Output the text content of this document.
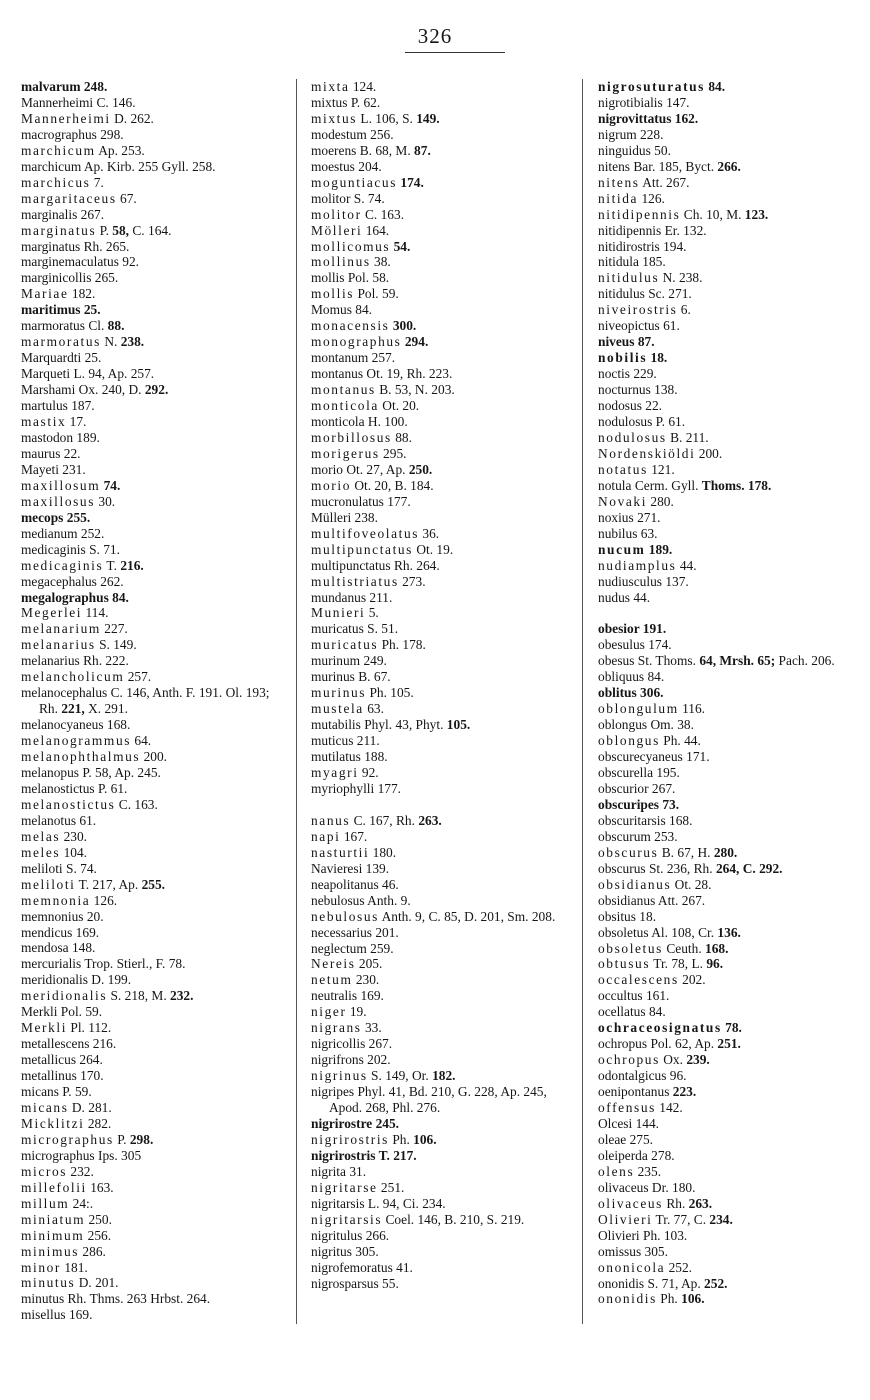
326
malvarum 248.
Mannerheimi C. 146.
Mannerheimi D. 262.
macrographus 298.
marchicum Ap. 253.
marchicum Ap. Kirb. 255 Gyll. 258.
marchicus 7.
margaritaceus 67.
marginalis 267.
marginatus P. 58, C. 164.
marginatus Rh. 265.
marginemaculatus 92.
marginicollis 265.
Mariae 182.
maritimus 25.
marmoratus Cl. 88.
marmoratus N. 238.
Marquardti 25.
Marqueti L. 94, Ap. 257.
Marshami Ox. 240, D. 292.
martulus 187.
mastix 17.
mastodon 189.
maurus 22.
Mayeti 231.
maxillosum 74.
maxillosus 30.
mecops 255.
medianum 252.
medicaginis S. 71.
medicaginis T. 216.
megacephalus 262.
megalographus 84.
Megerlei 114.
melanarium 227.
melanarius S. 149.
melanarius Rh. 222.
melancholicum 257.
melanocephalus C. 146, Anth. F. 191. Ol. 193; Rh. 221, X. 291.
melanocyaneus 168.
melanogrammus 64.
melanophthalmus 200.
melanopus P. 58, Ap. 245.
melanostictus P. 61.
melanostictus C. 163.
melanotus 61.
melas 230.
meles 104.
meliloti S. 74.
meliloti T. 217, Ap. 255.
memnonia 126.
memnonius 20.
mendicus 169.
mendosa 148.
mercurialis Trop. Stierl., F. 78.
meridionalis D. 199.
meridionalis S. 218, M. 232.
Merkli Pol. 59.
Merkli Pl. 112.
metallescens 216.
metallicus 264.
metallinus 170.
micans P. 59.
micans D. 281.
Micklitzi 282.
micrographus P. 298.
micrographus Ips. 305
micros 232.
millefolii 163.
millum 24:.
miniatum 250.
minimum 256.
minimus 286.
minor 181.
minutus D. 201.
minutus Rh. Thms. 263 Hrbst. 264.
misellus 169.
mixta 124.
mixtus P. 62.
mixtus L. 106, S. 149.
modestum 256.
moerens B. 68, M. 87.
moestus 204.
moguntiacus 174.
molitor S. 74.
molitor C. 163.
Mölleri 164.
mollicomus 54.
mollinus 38.
mollis Pol. 58.
mollis Pol. 59.
Momus 84.
monacensis 300.
monographus 294.
montanum 257.
montanus Ot. 19, Rh. 223.
montanus B. 53, N. 203.
monticola Ot. 20.
monticola H. 100.
morbillosus 88.
morigerus 295.
morio Ot. 27, Ap. 250.
morio Ot. 20, B. 184.
mucronulatus 177.
Mülleri 238.
multifoveolatus 36.
multipunctatus Ot. 19.
multipunctatus Rh. 264.
multistriatus 273.
mundanus 211.
Munieri 5.
muricatus S. 51.
muricatus Ph. 178.
murinum 249.
murinus B. 67.
murinus Ph. 105.
mustela 63.
mutabilis Phyl. 43, Phyt. 105.
muticus 211.
mutilatus 188.
myagri 92.
myriophylli 177.
nanus C. 167, Rh. 263.
napi 167.
nasturtii 180.
Navieresi 139.
neapolitanus 46.
nebulosus Anth. 9.
nebulosus Anth. 9, C. 85, D. 201, Sm. 208.
necessarius 201.
neglectum 259.
Nereis 205.
netum 230.
neutralis 169.
niger 19.
nigrans 33.
nigricollis 267.
nigrifrons 202.
nigrinus S. 149, Or. 182.
nigripes Phyl. 41, Bd. 210, G. 228, Ap. 245, Apod. 268, Phl. 276.
nigrirostre 245.
nigrirostris Ph. 106.
nigrirostris T. 217.
nigrita 31.
nigritarse 251.
nigritarsis L. 94, Ci. 234.
nigritarsis Coel. 146, B. 210, S. 219.
nigritulus 266.
nigritus 305.
nigrofemoratus 41.
nigrosparsus 55.
nigrosuturatus 84.
nigrotibialis 147.
nigrovittatus 162.
nigrum 228.
ninguidus 50.
nitens Bar. 185, Byct. 266.
nitens Att. 267.
nitida 126.
nitidipennis Ch. 10, M. 123.
nitidipennis Er. 132.
nitidirostris 194.
nitidula 185.
nitidulus N. 238.
nitidulus Sc. 271.
niveirostris 6.
niveopictus 61.
niveus 87.
nobilis 18.
noctis 229.
nocturnus 138.
nodosus 22.
nodulosus P. 61.
nodulosus B. 211.
Nordenskiöldi 200.
notatus 121.
notula Cerm. Gyll. Thoms. 178.
Novaki 280.
noxius 271.
nubilus 63.
nucum 189.
nudiamplus 44.
nudiusculus 137.
nudus 44.
obesior 191.
obesulus 174.
obesus St. Thoms. 64, Mrsh. 65; Pach. 206.
obliquus 84.
oblitus 306.
oblongulum 116.
oblongus Om. 38.
oblongus Ph. 44.
obscurecyaneus 171.
obscurella 195.
obscurior 267.
obscuripes 73.
obscuritarsis 168.
obscurum 253.
obscurus B. 67, H. 280.
obscurus St. 236, Rh. 264, C. 292.
obsidianus Ot. 28.
obsidianus Att. 267.
obsitus 18.
obsoletus Al. 108, Cr. 136.
obsoletus Ceuth. 168.
obtusus Tr. 78, L. 96.
occalescens 202.
occultus 161.
ocellatus 84.
ochraceosignatus 78.
ochropus Pol. 62, Ap. 251.
ochropus Ox. 239.
odontalgicus 96.
oenipontanus 223.
offensus 142.
Olcesi 144.
oleae 275.
oleiperda 278.
olens 235.
olivaceus Dr. 180.
olivaceus Rh. 263.
Olivieri Tr. 77, C. 234.
Olivieri Ph. 103.
omissus 305.
ononicola 252.
ononidis S. 71, Ap. 252.
ononidis Ph. 106.
